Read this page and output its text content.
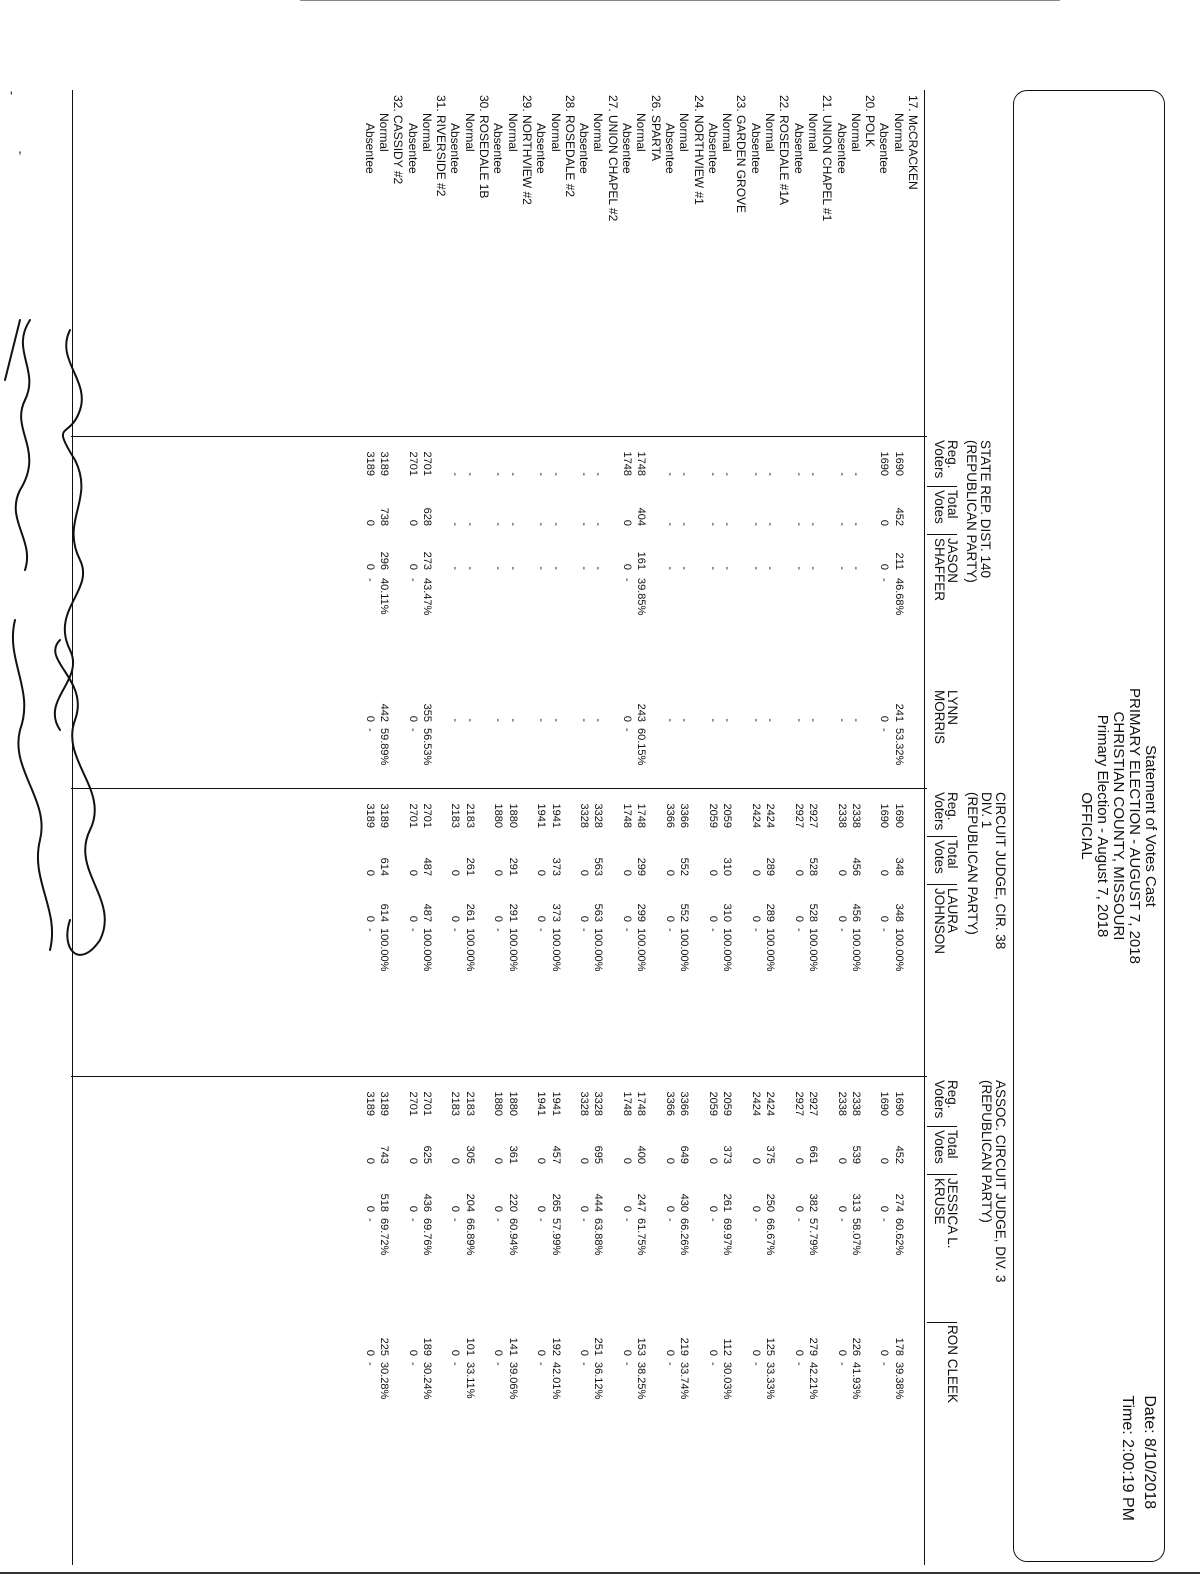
'
,
Statement of Votes Cast
PRIMARY ELECTION - AUGUST 7, 2018
CHRISTIAN COUNTY, MISSOURI
Primary Election - August 7, 2018
OFFICIAL
Date: 8/10/2018
Time: 2:00:19 PM
STATE REP. DIST. 140
(REPUBLICAN PARTY)
CIRCUIT JUDGE, CIR. 38
DIV. 1
(REPUBLICAN PARTY)
ASSOC. CIRCUIT JUDGE, DIV. 3
(REPUBLICAN PARTY)
Reg.
Voters
Total
Votes
JASON
SHAFFER
LYNN
MORRIS
Reg.
Voters
Total
Votes
LAURA
JOHNSON
Reg.
Voters
Total
Votes
JESSICA L.
KRUSE
RON CLEEK
17. McCRACKEN
Normal
Absentee
20. POLK
Normal
Absentee
21. UNION CHAPEL #1
Normal
Absentee
22. ROSEDALE #1A
Normal
Absentee
23. GARDEN GROVE
Normal
Absentee
24. NORTHVIEW #1
Normal
Absentee
26. SPARTA
Normal
Absentee
27. UNION CHAPEL #2
Normal
Absentee
28. ROSEDALE #2
Normal
Absentee
29. NORTHVIEW #2
Normal
Absentee
30. ROSEDALE 1B
Normal
Absentee
31. RIVERSIDE #2
Normal
Absentee
32. CASSIDY #2
Normal
Absentee
1690
1690
-
-
-
-
-
-
-
-
-
-
1748
1748
-
-
-
-
-
-
-
-
2701
2701
3189
3189
452
0
-
-
-
-
-
-
-
-
-
-
404
0
-
-
-
-
-
-
-
-
628
0
738
0
211
0
-
-
-
-
-
-
-
-
-
-
161
0
-
-
-
-
-
-
-
-
273
0
296
0
46.68%
-
39.85%
-
43.47%
-
40.11%
-
241
0
-
-
-
-
-
-
-
-
-
-
243
0
-
-
-
-
-
-
-
-
355
0
442
0
53.32%
-
60.15%
-
56.53%
-
59.89%
-
1690
1690
2338
2338
2927
2927
2424
2424
2059
2059
3366
3366
1748
1748
3328
3328
1941
1941
1880
1880
2183
2183
2701
2701
3189
3189
348
0
456
0
528
0
289
0
310
0
552
0
299
0
563
0
373
0
291
0
261
0
487
0
614
0
348
0
456
0
528
0
289
0
310
0
552
0
299
0
563
0
373
0
291
0
261
0
487
0
614
0
100.00%
-
100.00%
-
100.00%
-
100.00%
-
100.00%
-
100.00%
-
100.00%
-
100.00%
-
100.00%
-
100.00%
-
100.00%
-
100.00%
-
100.00%
-
1690
1690
2338
2338
2927
2927
2424
2424
2059
2059
3366
3366
1748
1748
3328
3328
1941
1941
1880
1880
2183
2183
2701
2701
3189
3189
452
0
539
0
661
0
375
0
373
0
649
0
400
0
695
0
457
0
361
0
305
0
625
0
743
0
274
0
313
0
382
0
250
0
261
0
430
0
247
0
444
0
265
0
220
0
204
0
436
0
518
0
60.62%
-
58.07%
-
57.79%
-
66.67%
-
69.97%
-
66.26%
-
61.75%
-
63.88%
-
57.99%
-
60.94%
-
66.89%
-
69.76%
-
69.72%
-
178
0
226
0
279
0
125
0
112
0
219
0
153
0
251
0
192
0
141
0
101
0
189
0
225
0
39.38%
-
41.93%
-
42.21%
-
33.33%
-
30.03%
-
33.74%
-
38.25%
-
36.12%
-
42.01%
-
39.06%
-
33.11%
-
30.24%
-
30.28%
-
